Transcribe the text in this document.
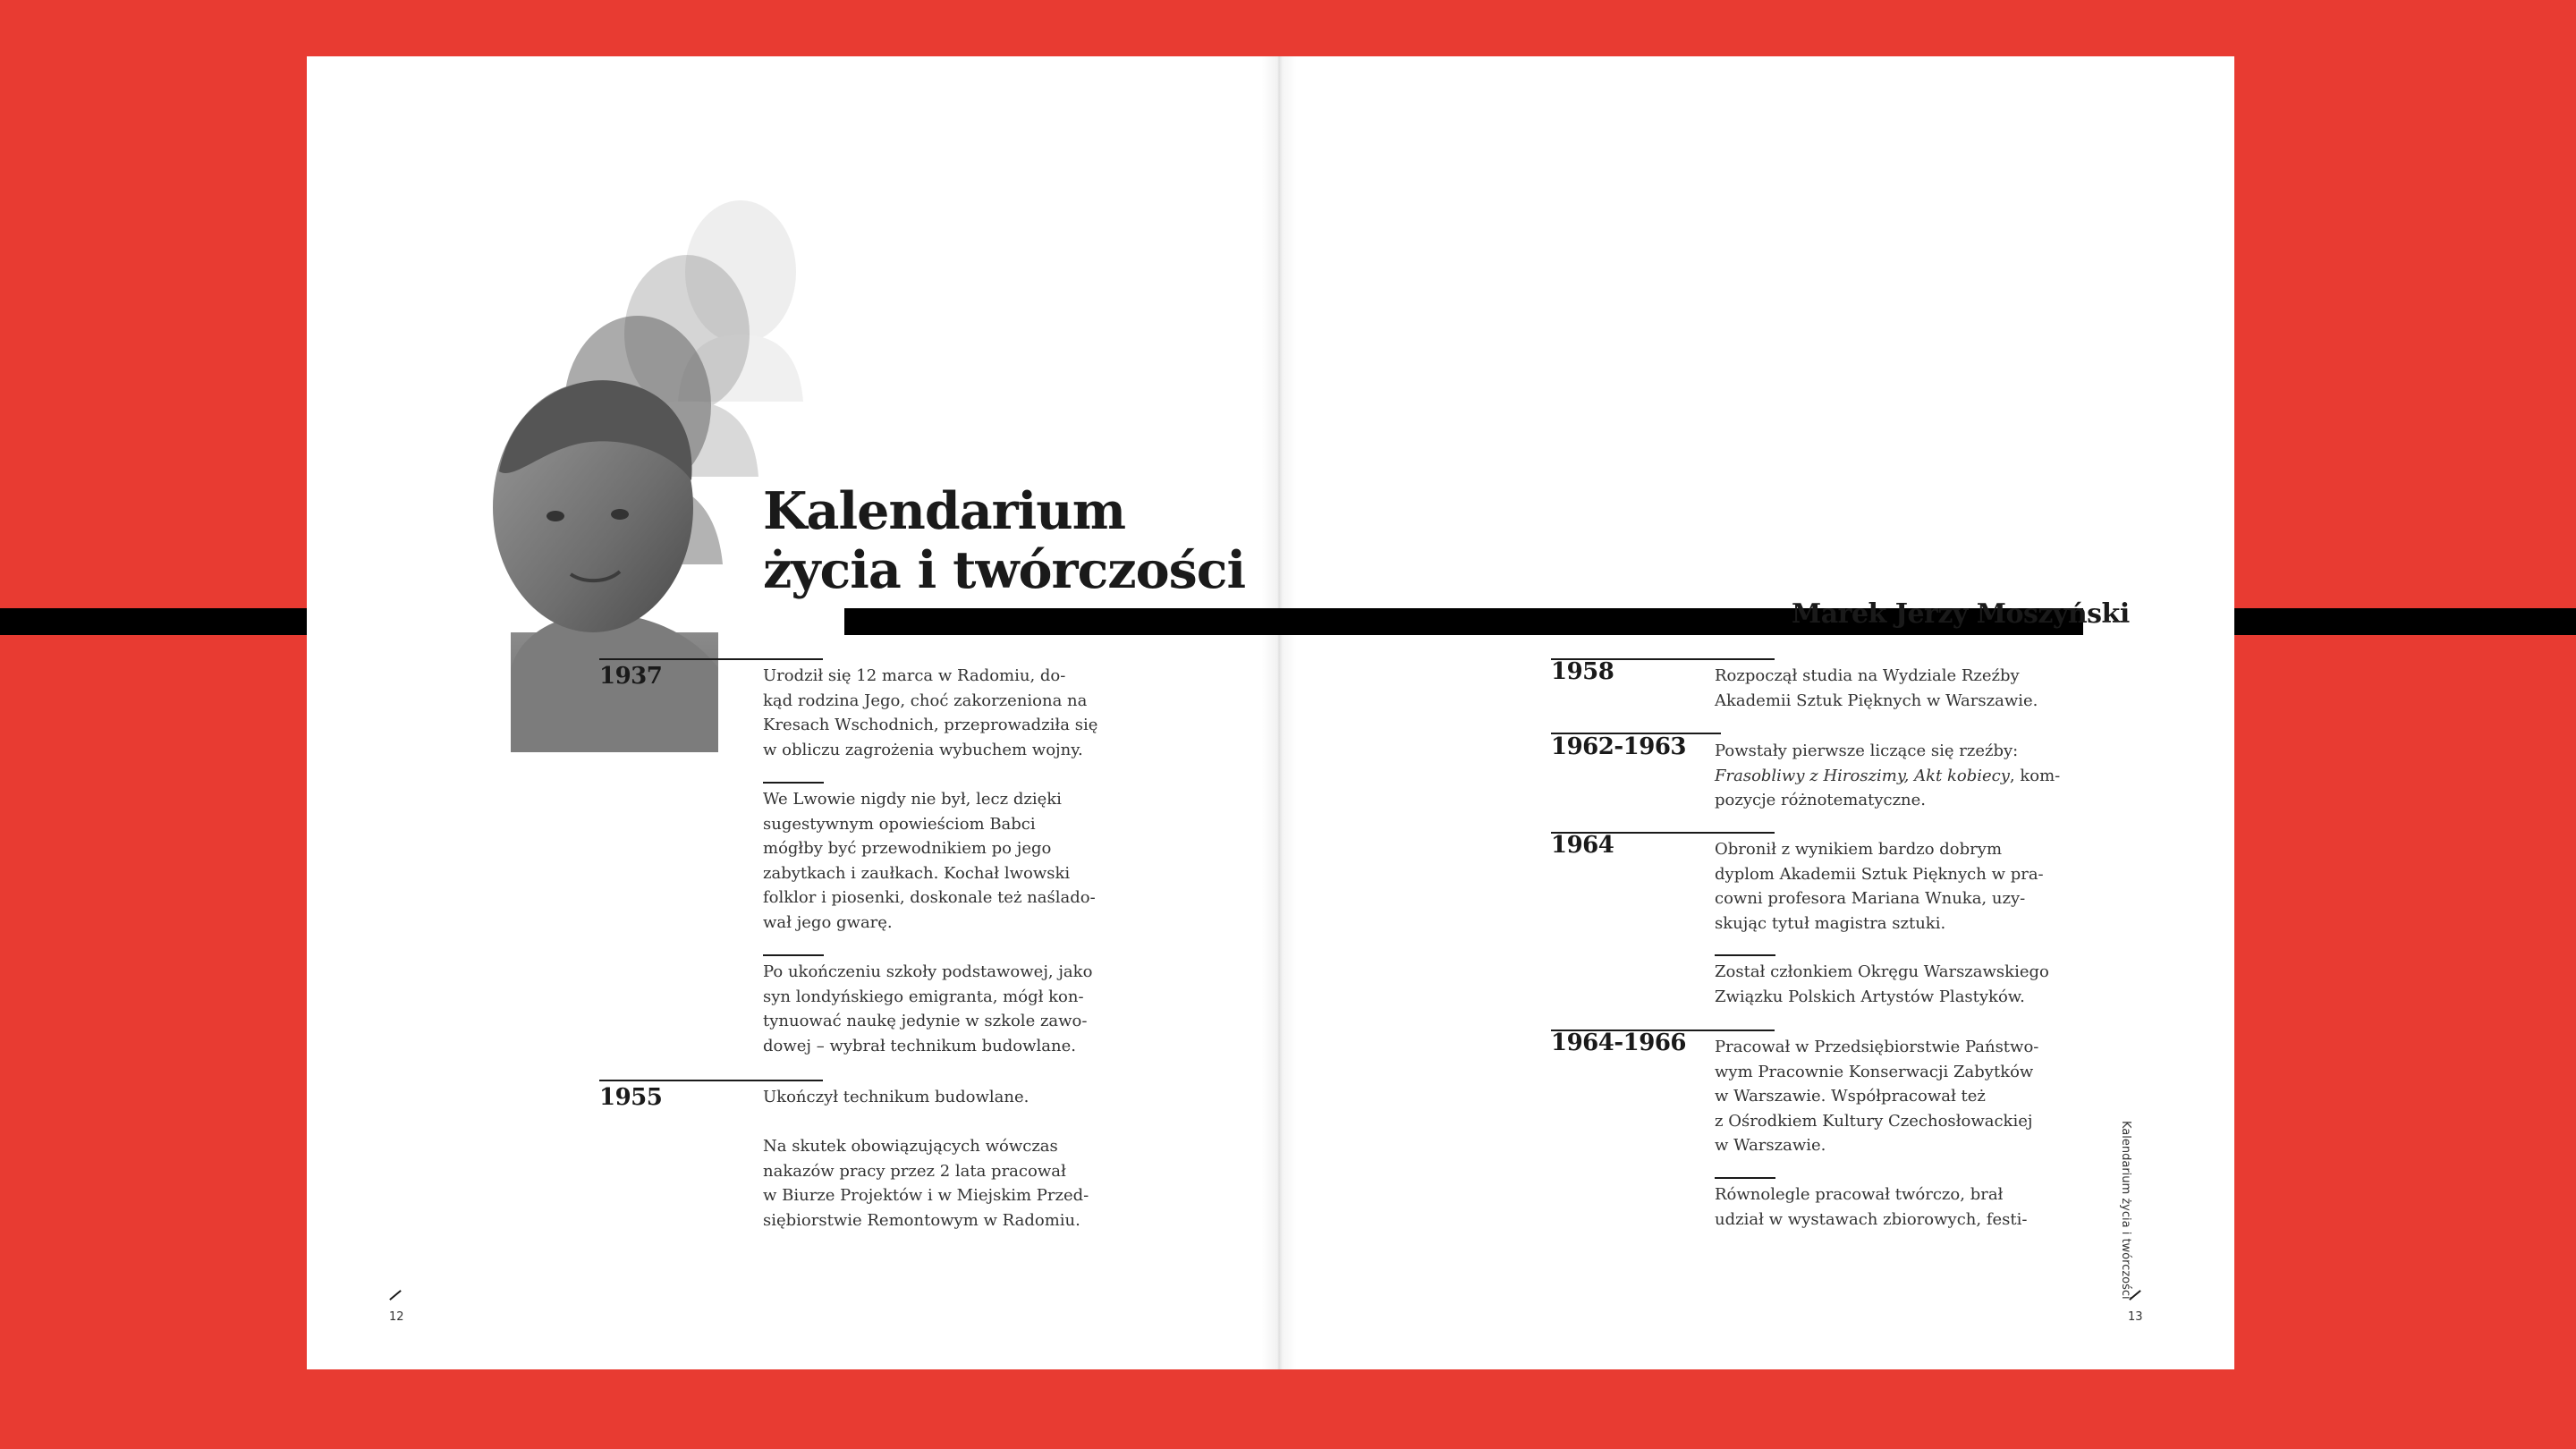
Kalendarium
życia i twórczości
Marek Jerzy Moszyński
1937	Urodził się 12 marca w Radomiu, do-
kąd rodzina Jego, choć zakorzeniona na
Kresach Wschodnich, przeprowadziła się
w obliczu zagrożenia wybuchem wojny.
We Lwowie nigdy nie był, lecz dzięki
sugestywnym opowieściom Babci
mógłby być przewodnikiem po jego
zabytkach i zaułkach. Kochał lwowski
folklor i piosenki, doskonale też naślado-
wał jego gwarę.
Po ukończeniu szkoły podstawowej, jako
syn londyńskiego emigranta, mógł kon-
tynuować naukę jedynie w szkole zawo-
dowej – wybrał technikum budowlane.
1955	Ukończył technikum budowlane.
Na skutek obowiązujących wówczas
nakazów pracy przez 2 lata pracował
w Biurze Projektów i w Miejskim Przed-
siębiorstwie Remontowym w Radomiu.
12
1958	Rozpoczął studia na Wydziale Rzeźby
Akademii Sztuk Pięknych w Warszawie.
1962-1963 Powstały pierwsze liczące się rzeźby:
Frasobliwy z Hiroszimy, Akt kobiecy, kom-
pozycje różnotematyczne.
1964	Obronił z wynikiem bardzo dobrym
dyplom Akademii Sztuk Pięknych w pra-
cowni profesora Mariana Wnuka, uzy-
skując tytuł magistra sztuki.
Został członkiem Okręgu Warszawskiego
Związku Polskich Artystów Plastyków.
1964-1966 Pracował w Przedsiębiorstwie Państwo-
wym Pracownie Konserwacji Zabytków
w Warszawie. Współpracował też
z Ośrodkiem Kultury Czechosłowackiej
w Warszawie.
Równolegle pracował twórczo, brał
udział w wystawach zbiorowych, festi-	Kalendarium życia i twórczości
13
